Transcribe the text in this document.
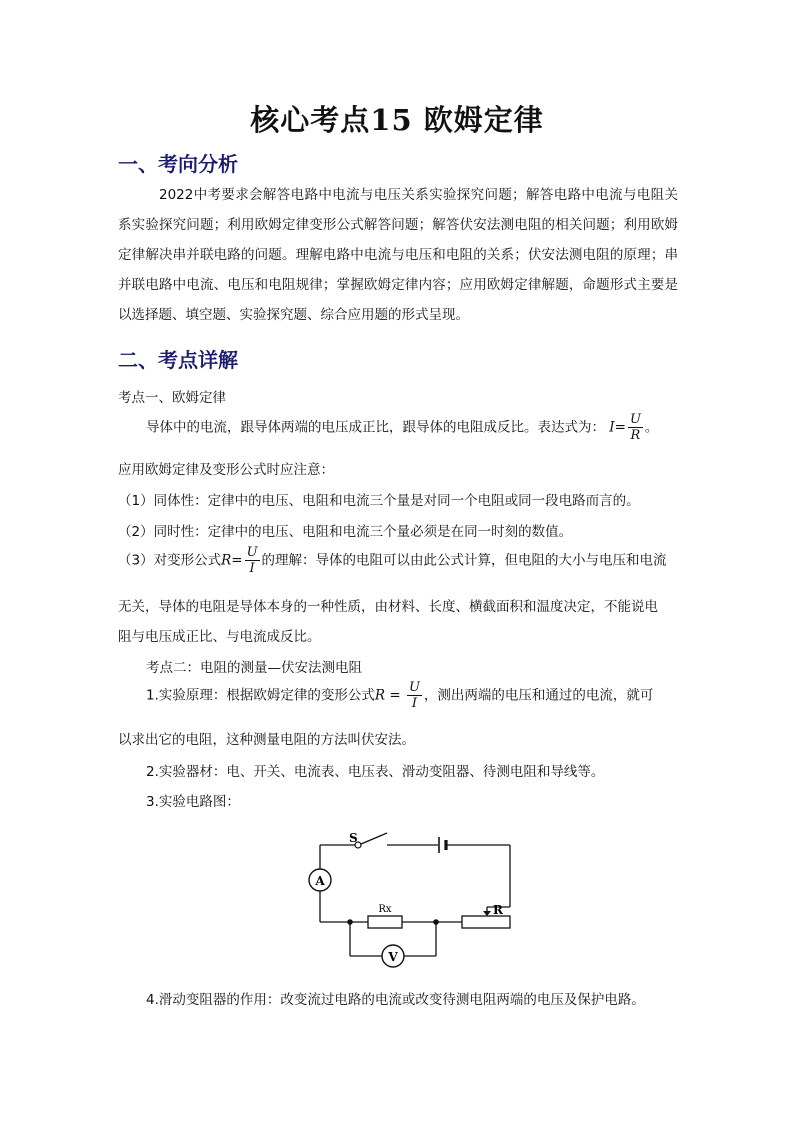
核心考点15 欧姆定律
一、考向分析

2022中考要求会解答电路中电流与电压关系实验探究问题；解答电路中电流与电阻关系实验探究问题；利用欧姆定律变形公式解答问题；解答伏安法测电阻的相关问题；利用欧姆定律解决串并联电路的问题。理解电路中电流与电压和电阻的关系；伏安法测电阻的原理；串并联电路中电流、电压和电阻规律；掌握欧姆定律内容；应用欧姆定律解题，命题形式主要是以选择题、填空题、实验探究题、综合应用题的形式呈现。

二、考点详解
考点一、欧姆定律
导体中的电流，跟导体两端的电压成正比，跟导体的电阻成反比。表达式为： $I= \frac{U}{R}$ 。
应用欧姆定律及变形公式时应注意：
（1）同体性：定律中的电压、电阻和电流三个量是对同一个电阻或同一段电路而言的。
（2）同时性：定律中的电压、电阻和电流三个量必须是在同一时刻的数值。
（3）对变形公式$R= \frac{U}{I}$ 的理解：导体的电阻可以由此公式计算，但电阻的大小与电压和电流
无关，导体的电阻是导体本身的一种性质，由材料、长度、横截面积和温度决定，不能说电
阻与电压成正比、与电流成反比。
考点二：电阻的测量—伏安法测电阻
1.实验原理：根据欧姆定律的变形公式$R = \frac{U}{I}$ ，测出两端的电压和通过的电流，就可
以求出它的电阻，这种测量电阻的方法叫伏安法。
2.实验器材：电、开关、电流表、电压表、滑动变阻器、待测电阻和导线等。
3.实验电路图：
S
A
Rx	R
V
4.滑动变阻器的作用：改变流过电路的电流或改变待测电阻两端的电压及保护电路。
